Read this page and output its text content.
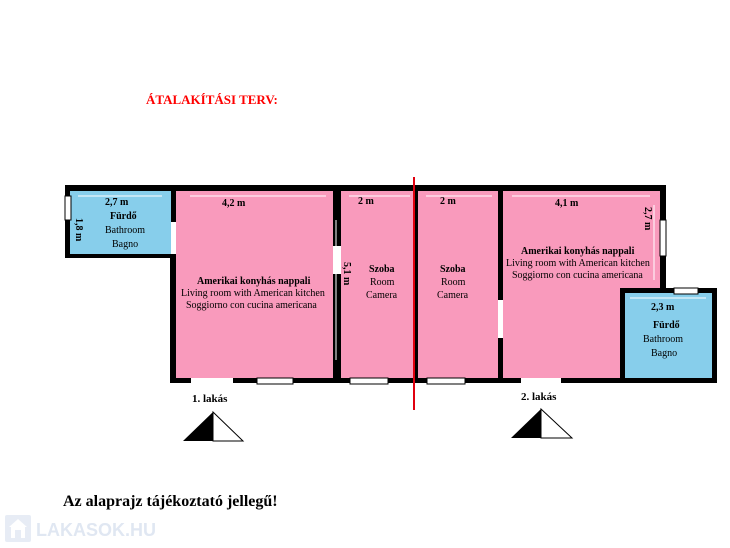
ÁTALAKÍTÁSI TERV:
2,7 m
1,8 m
Fürdő
Bathroom
Bagno
4,2 m
Amerikai konyhás nappali
Living room with American kitchen
Soggiorno con cucina americana
2 m
5,1 m Szoba
Room
Camera
2 m
Szoba
Room
Camera
4,1 m
2,7 m
Amerikai konyhás nappali
Living room with American kitchen
Soggiorno con cucina americana
2,3 m
Fürdő
Bathroom
Bagno
1. lakás	2. lakás
Az alaprajz tájékoztató jellegű!
LAKASOK.HU
